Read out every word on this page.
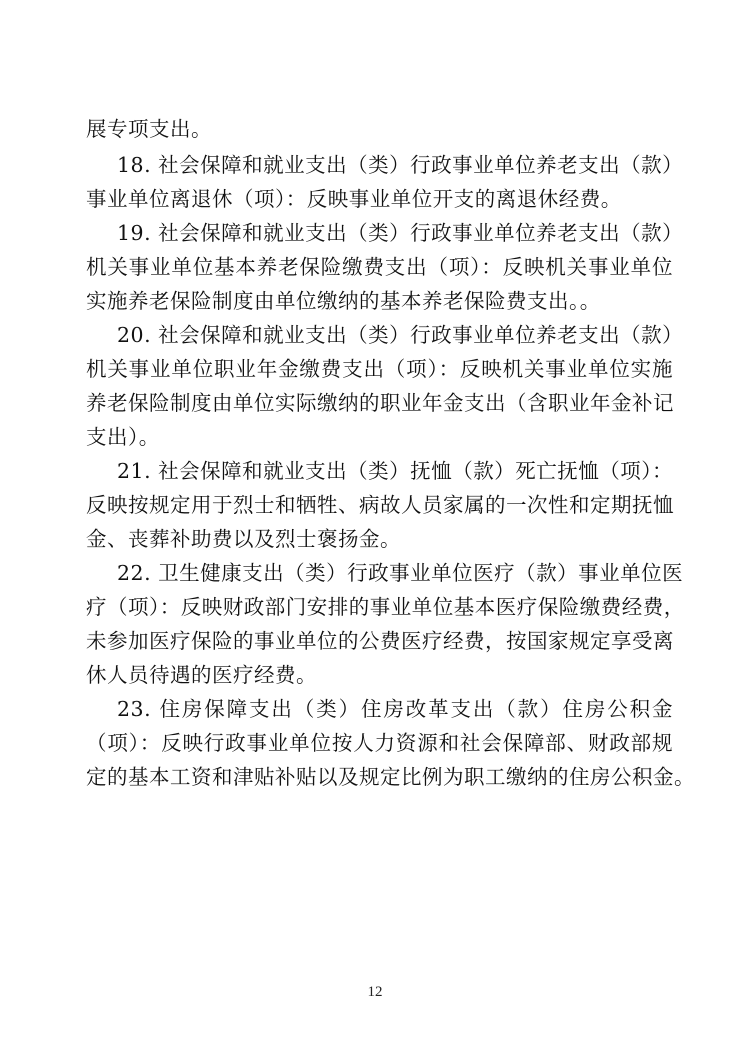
展专项支出。
18. 社会保障和就业支出（类）行政事业单位养老支出（款）
事业单位离退休（项）：反映事业单位开支的离退休经费。
19. 社会保障和就业支出（类）行政事业单位养老支出（款）
机关事业单位基本养老保险缴费支出（项）：反映机关事业单位
实施养老保险制度由单位缴纳的基本养老保险费支出。。
20. 社会保障和就业支出（类）行政事业单位养老支出（款）
机关事业单位职业年金缴费支出（项）：反映机关事业单位实施
养老保险制度由单位实际缴纳的职业年金支出（含职业年金补记
支出）。
21. 社会保障和就业支出（类）抚恤（款）死亡抚恤（项）：
反映按规定用于烈士和牺牲、病故人员家属的一次性和定期抚恤
金、丧葬补助费以及烈士褒扬金。
22. 卫生健康支出（类）行政事业单位医疗（款）事业单位医
疗（项）：反映财政部门安排的事业单位基本医疗保险缴费经费，
未参加医疗保险的事业单位的公费医疗经费，按国家规定享受离
休人员待遇的医疗经费。
23. 住房保障支出（类）住房改革支出（款）住房公积金
（项）：反映行政事业单位按人力资源和社会保障部、财政部规
定的基本工资和津贴补贴以及规定比例为职工缴纳的住房公积金。
12
